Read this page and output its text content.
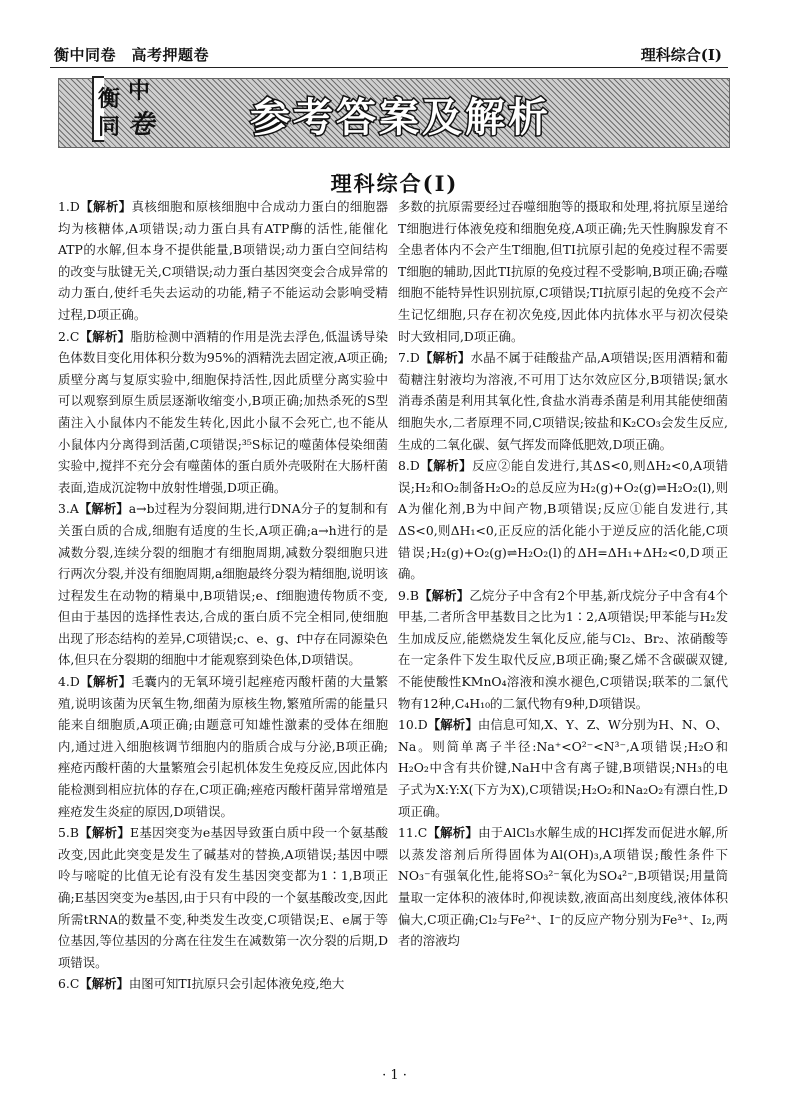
衡中同卷　高考押题卷	理科综合(Ⅰ)
衡 中
同 卷 参考答案及解析
理科综合(Ⅰ)

1.D【解析】真核细胞和原核细胞中合成动力蛋白的细胞器均为核糖体,A项错误;动力蛋白具有ATP酶的活性,能催化ATP的水解,但本身不提供能量,B项错误;动力蛋白空间结构的改变与肽键无关,C项错误;动力蛋白基因突变会合成异常的动力蛋白,使纤毛失去运动的功能,精子不能运动会影响受精过程,D项正确。

2.C【解析】脂肪检测中酒精的作用是洗去浮色,低温诱导染色体数目变化用体积分数为95%的酒精洗去固定液,A项正确;质壁分离与复原实验中,细胞保持活性,因此质壁分离实验中可以观察到原生质层逐渐收缩变小,B项正确;加热杀死的S型菌注入小鼠体内不能发生转化,因此小鼠不会死亡,也不能从小鼠体内分离得到活菌,C项错误;³⁵S标记的噬菌体侵染细菌实验中,搅拌不充分会有噬菌体的蛋白质外壳吸附在大肠杆菌表面,造成沉淀物中放射性增强,D项正确。

3.A【解析】a→b过程为分裂间期,进行DNA分子的复制和有关蛋白质的合成,细胞有适度的生长,A项正确;a→h进行的是减数分裂,连续分裂的细胞才有细胞周期,减数分裂细胞只进行两次分裂,并没有细胞周期,a细胞最终分裂为精细胞,说明该过程发生在动物的精巢中,B项错误;e、f细胞遗传物质不变,但由于基因的选择性表达,合成的蛋白质不完全相同,使细胞出现了形态结构的差异,C项错误;c、e、g、f中存在同源染色体,但只在分裂期的细胞中才能观察到染色体,D项错误。

4.D【解析】毛囊内的无氧环境引起痤疮丙酸杆菌的大量繁殖,说明该菌为厌氧生物,细菌为原核生物,繁殖所需的能量只能来自细胞质,A项正确;由题意可知雄性激素的受体在细胞内,通过进入细胞核调节细胞内的脂质合成与分泌,B项正确;痤疮丙酸杆菌的大量繁殖会引起机体发生免疫反应,因此体内能检测到相应抗体的存在,C项正确;痤疮丙酸杆菌异常增殖是痤疮发生炎症的原因,D项错误。

5.B【解析】E基因突变为e基因导致蛋白质中段一个氨基酸改变,因此此突变是发生了碱基对的替换,A项错误;基因中嘌呤与嘧啶的比值无论有没有发生基因突变都为1∶1,B项正确;E基因突变为e基因,由于只有中段的一个氨基酸改变,因此所需tRNA的数量不变,种类发生改变,C项错误;E、e属于等位基因,等位基因的分离在往发生在减数第一次分裂的后期,D项错误。

6.C【解析】由图可知TI抗原只会引起体液免疫,绝大

多数的抗原需要经过吞噬细胞等的摄取和处理,将抗原呈递给T细胞进行体液免疫和细胞免疫,A项正确;先天性胸腺发育不全患者体内不会产生T细胞,但TI抗原引起的免疫过程不需要T细胞的辅助,因此TI抗原的免疫过程不受影响,B项正确;吞噬细胞不能特异性识别抗原,C项错误;TI抗原引起的免疫不会产生记忆细胞,只存在初次免疫,因此体内抗体水平与初次侵染时大致相同,D项正确。

7.D【解析】水晶不属于硅酸盐产品,A项错误;医用酒精和葡萄糖注射液均为溶液,不可用丁达尔效应区分,B项错误;氯水消毒杀菌是利用其氧化性,食盐水消毒杀菌是利用其能使细菌细胞失水,二者原理不同,C项错误;铵盐和K₂CO₃会发生反应,生成的二氧化碳、氨气挥发而降低肥效,D项正确。

8.D【解析】反应②能自发进行,其ΔS<0,则ΔH₂<0,A项错误;H₂和O₂制备H₂O₂的总反应为H₂(g)+O₂(g)⇌H₂O₂(l),则A为催化剂,B为中间产物,B项错误;反应①能自发进行,其ΔS<0,则ΔH₁<0,正反应的活化能小于逆反应的活化能,C项错误;H₂(g)+O₂(g)⇌H₂O₂(l)的ΔH=ΔH₁+ΔH₂<0,D项正确。

9.B【解析】乙烷分子中含有2个甲基,新戊烷分子中含有4个甲基,二者所含甲基数目之比为1∶2,A项错误;甲苯能与H₂发生加成反应,能燃烧发生氧化反应,能与Cl₂、Br₂、浓硝酸等在一定条件下发生取代反应,B项正确;聚乙烯不含碳碳双键,不能使酸性KMnO₄溶液和溴水褪色,C项错误;联苯的二氯代物有12种,C₄H₁₀的二氯代物有9种,D项错误。

10.D【解析】由信息可知,X、Y、Z、W分别为H、N、O、Na。则简单离子半径:Na⁺<O²⁻<N³⁻,A项错误;H₂O和H₂O₂中含有共价键,NaH中含有离子键,B项错误;NH₃的电子式为X:Y:X(下方为X),C项错误;H₂O₂和Na₂O₂有漂白性,D项正确。

11.C【解析】由于AlCl₃水解生成的HCl挥发而促进水解,所以蒸发溶剂后所得固体为Al(OH)₃,A项错误;酸性条件下NO₃⁻有强氧化性,能将SO₃²⁻氧化为SO₄²⁻,B项错误;用量筒量取一定体积的液体时,仰视读数,液面高出刻度线,液体体积偏大,C项正确;Cl₂与Fe²⁺、I⁻的反应产物分别为Fe³⁺、I₂,两者的溶液均

· 1 ·
